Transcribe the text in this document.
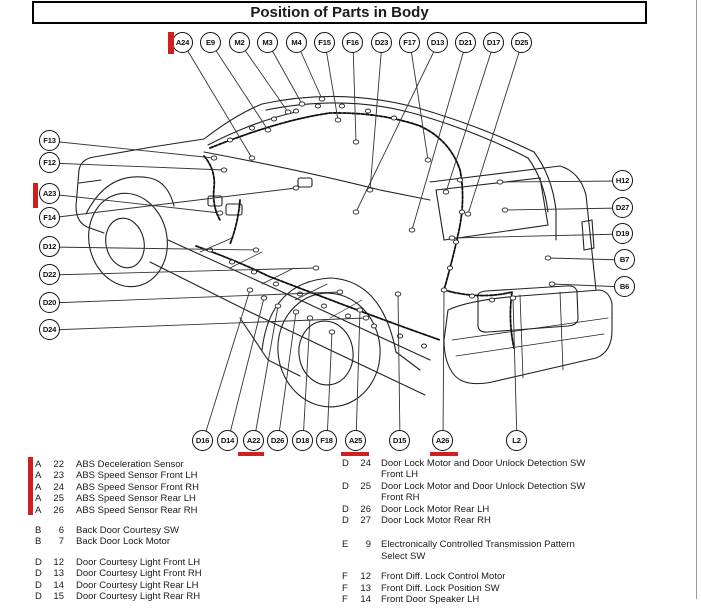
Position of Parts in Body
A24	E9	M2	M3	M4	F15	F16	D23	F17	D13	D21	D17	D25
F13
F12
A23
F14
D12
D22
D20
D24
H12
D27
D19
B7
B6
D16	D14	A22	D26	D18	F18	A25	D15	A26	L2
A	22 ABS Deceleration Sensor
A	23 ABS Speed Sensor Front LH
A	24 ABS Speed Sensor Front RH
A	25 ABS Speed Sensor Rear LH
A	26 ABS Speed Sensor Rear RH
B	6 Back Door Courtesy SW
B	7 Back Door Lock Motor
D	12 Door Courtesy Light Front LH
D	13 Door Courtesy Light Front RH
D	14 Door Courtesy Light Rear LH
D	15 Door Courtesy Light Rear RH
D	24 Door Lock Motor and Door Unlock Detection SW
Front LH
D	25 Door Lock Motor and Door Unlock Detection SW
Front RH
D	26 Door Lock Motor Rear LH
D	27 Door Lock Motor Rear RH
E	9 Electronically Controlled Transmission Pattern
Select SW
F	12 Front Diff. Lock Control Motor
F	13 Front Diff. Lock Position SW
F	14 Front Door Speaker LH
